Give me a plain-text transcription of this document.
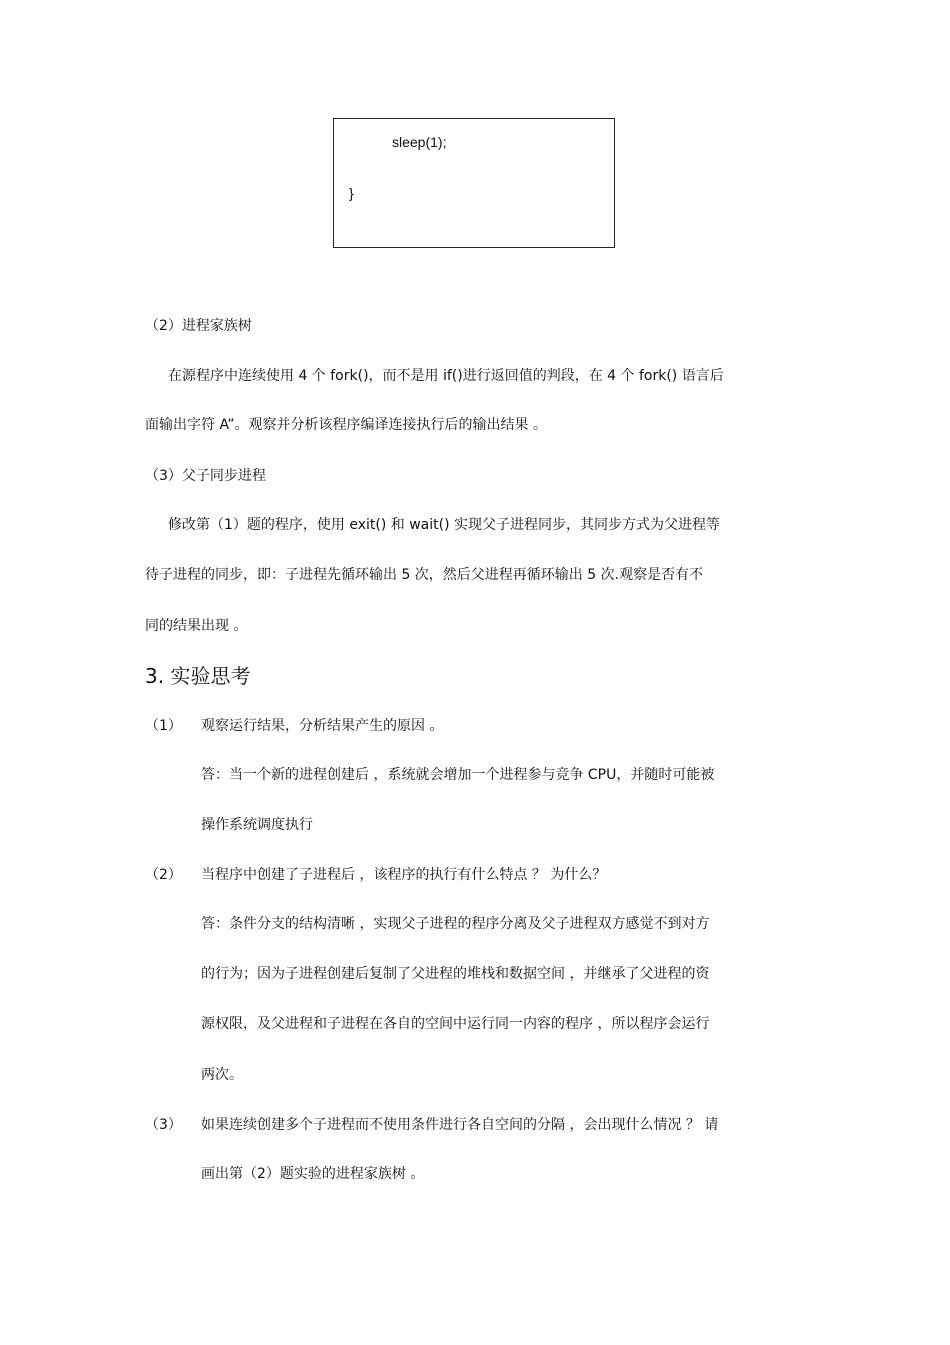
sleep(1);
}
（2）进程家族树
在源程序中连续使用 4 个 fork()，而不是用 if()进行返回值的判段，在 4 个 fork() 语言后
面输出字符 A”。观察并分析该程序编译连接执行后的输出结果 。
（3）父子同步进程
修改第（1）题的程序，使用 exit() 和 wait() 实现父子进程同步，其同步方式为父进程等
待子进程的同步，即：子进程先循环输出 5 次，然后父进程再循环输出 5 次.观察是否有不
同的结果出现 。
3. 实验思考
（1） 观察运行结果，分析结果产生的原因 。
答：当一个新的进程创建后 ，系统就会增加一个进程参与竞争 CPU，并随时可能被
操作系统调度执行
（2） 当程序中创建了子进程后 ，该程序的执行有什么特点 ？ 为什么？
答：条件分支的结构清晰 ，实现父子进程的程序分离及父子进程双方感觉不到对方
的行为；因为子进程创建后复制了父进程的堆栈和数据空间 ，并继承了父进程的资
源权限，及父进程和子进程在各自的空间中运行同一内容的程序 ，所以程序会运行
两次。
（3） 如果连续创建多个子进程而不使用条件进行各自空间的分隔 ，会出现什么情况 ？ 请
画出第（2）题实验的进程家族树 。
